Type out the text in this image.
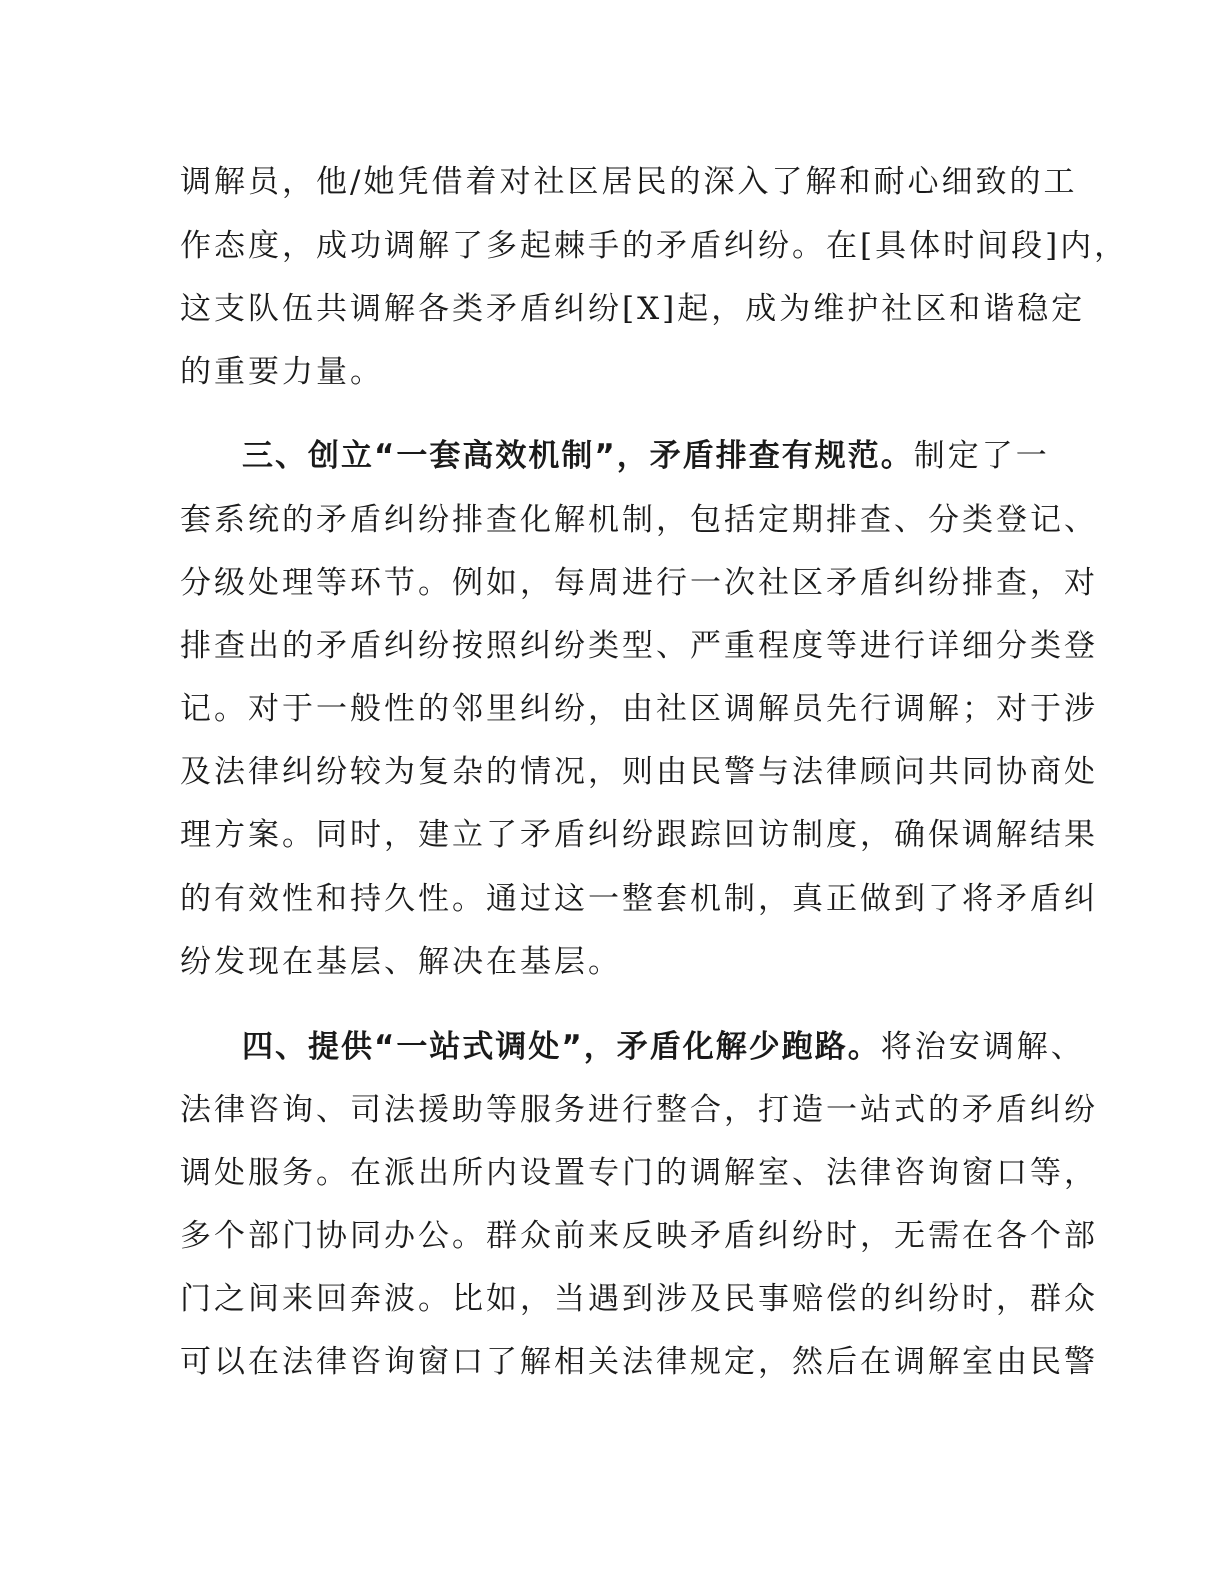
调解员，他/她凭借着对社区居民的深入了解和耐心细致的工

作态度，成功调解了多起棘手的矛盾纠纷。在[具体时间段]内，

这支队伍共调解各类矛盾纠纷[X]起，成为维护社区和谐稳定

的重要力量。

三、创立“一套高效机制”，矛盾排查有规范。制定了一

套系统的矛盾纠纷排查化解机制，包括定期排查、分类登记、

分级处理等环节。例如，每周进行一次社区矛盾纠纷排查，对

排查出的矛盾纠纷按照纠纷类型、严重程度等进行详细分类登

记。对于一般性的邻里纠纷，由社区调解员先行调解；对于涉

及法律纠纷较为复杂的情况，则由民警与法律顾问共同协商处

理方案。同时，建立了矛盾纠纷跟踪回访制度，确保调解结果

的有效性和持久性。通过这一整套机制，真正做到了将矛盾纠

纷发现在基层、解决在基层。

四、提供“一站式调处”，矛盾化解少跑路。将治安调解、

法律咨询、司法援助等服务进行整合，打造一站式的矛盾纠纷

调处服务。在派出所内设置专门的调解室、法律咨询窗口等，

多个部门协同办公。群众前来反映矛盾纠纷时，无需在各个部

门之间来回奔波。比如，当遇到涉及民事赔偿的纠纷时，群众

可以在法律咨询窗口了解相关法律规定，然后在调解室由民警
